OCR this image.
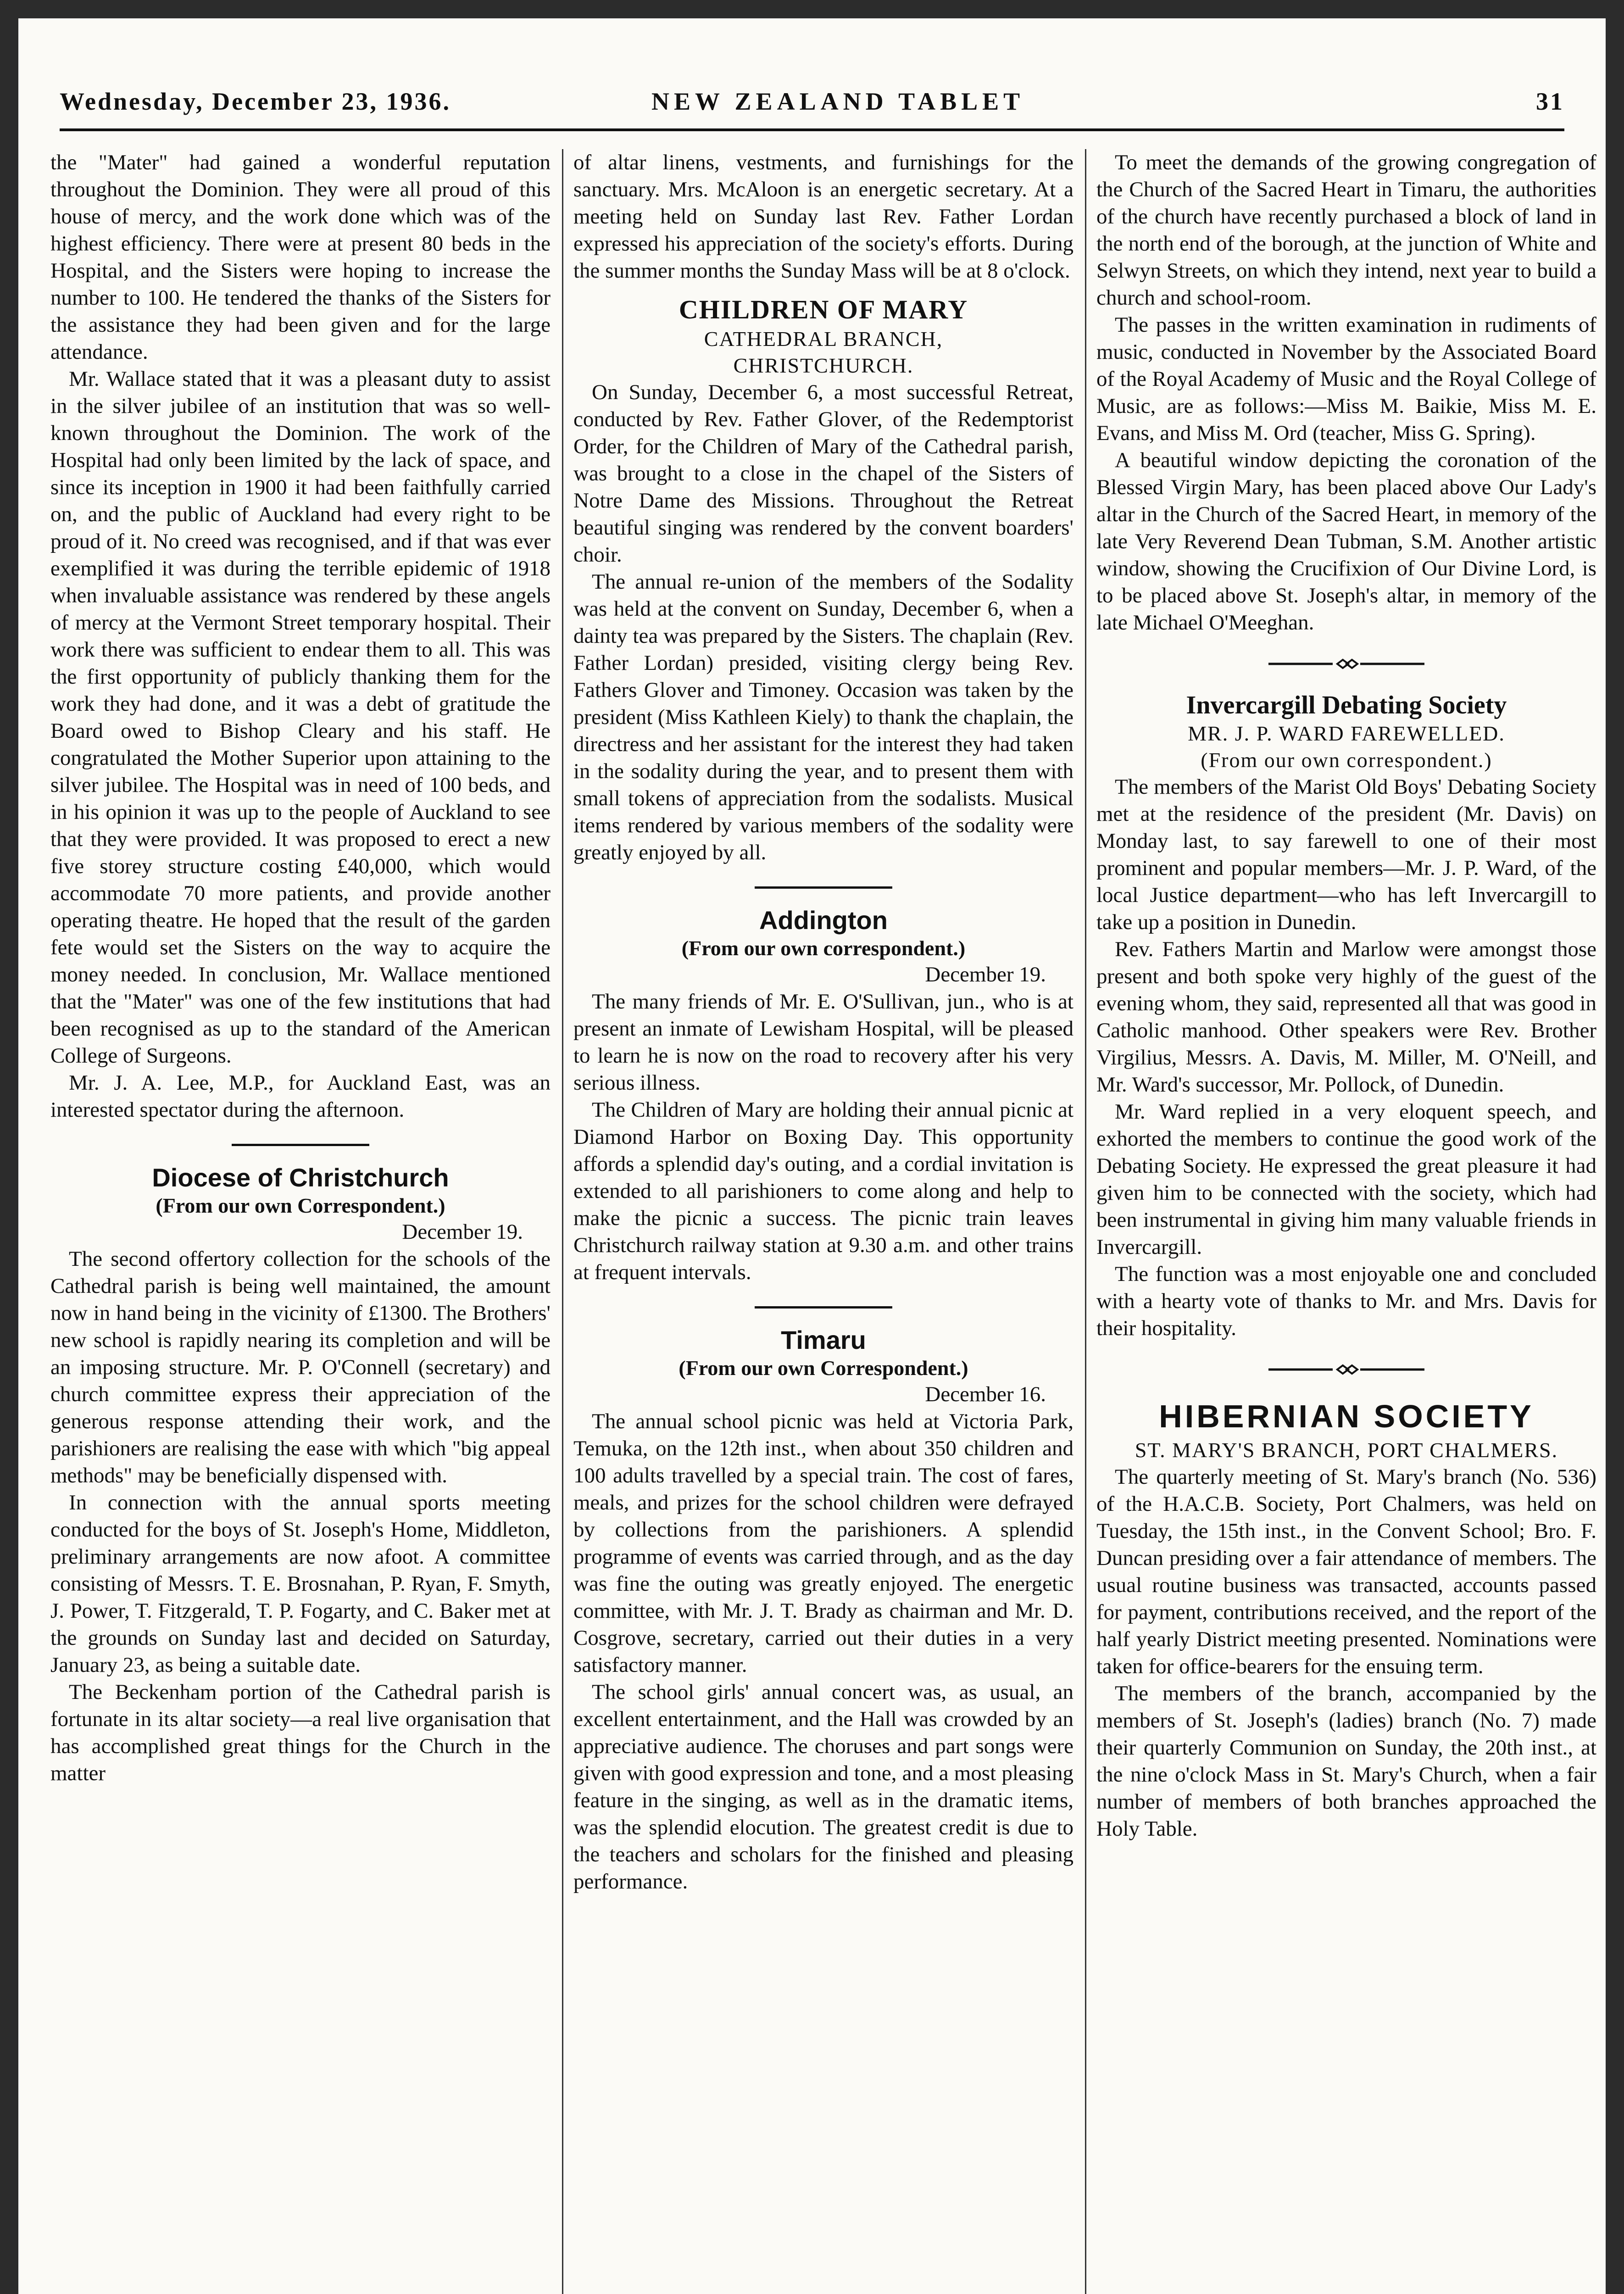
Wednesday, December 23, 1936.	NEW ZEALAND TABLET	31

the "Mater" had gained a wonderful reputation throughout the Dominion. They were all proud of this house of mercy, and the work done which was of the highest efficiency. There were at present 80 beds in the Hospital, and the Sisters were hoping to increase the number to 100. He tendered the thanks of the Sisters for the assistance they had been given and for the large attendance.

Mr. Wallace stated that it was a pleasant duty to assist in the silver jubilee of an institution that was so well-known throughout the Dominion. The work of the Hospital had only been limited by the lack of space, and since its inception in 1900 it had been faithfully carried on, and the public of Auckland had every right to be proud of it. No creed was recognised, and if that was ever exemplified it was during the terrible epidemic of 1918 when invaluable assistance was rendered by these angels of mercy at the Vermont Street temporary hospital. Their work there was sufficient to endear them to all. This was the first opportunity of publicly thanking them for the work they had done, and it was a debt of gratitude the Board owed to Bishop Cleary and his staff. He congratulated the Mother Superior upon attaining to the silver jubilee. The Hospital was in need of 100 beds, and in his opinion it was up to the people of Auckland to see that they were provided. It was proposed to erect a new five storey structure costing £40,000, which would accommodate 70 more patients, and provide another operating theatre. He hoped that the result of the garden fete would set the Sisters on the way to acquire the money needed. In conclusion, Mr. Wallace mentioned that the "Mater" was one of the few institutions that had been recognised as up to the standard of the American College of Surgeons.

Mr. J. A. Lee, M.P., for Auckland East, was an interested spectator during the afternoon.

Diocese of Christchurch
(From our own Correspondent.)
December 19.

The second offertory collection for the schools of the Cathedral parish is being well maintained, the amount now in hand being in the vicinity of £1300. The Brothers' new school is rapidly nearing its completion and will be an imposing structure. Mr. P. O'Connell (secretary) and church committee express their appreciation of the generous response attending their work, and the parishioners are realising the ease with which "big appeal methods" may be beneficially dispensed with.

In connection with the annual sports meeting conducted for the boys of St. Joseph's Home, Middleton, preliminary arrangements are now afoot. A committee consisting of Messrs. T. E. Brosnahan, P. Ryan, F. Smyth, J. Power, T. Fitzgerald, T. P. Fogarty, and C. Baker met at the grounds on Sunday last and decided on Saturday, January 23, as being a suitable date.

The Beckenham portion of the Cathedral parish is fortunate in its altar society—a real live organisation that has accomplished great things for the Church in the matter

of altar linens, vestments, and furnishings for the sanctuary. Mrs. McAloon is an energetic secretary. At a meeting held on Sunday last Rev. Father Lordan expressed his appreciation of the society's efforts. During the summer months the Sunday Mass will be at 8 o'clock.

CHILDREN OF MARY
CATHEDRAL BRANCH,
CHRISTCHURCH.

On Sunday, December 6, a most successful Retreat, conducted by Rev. Father Glover, of the Redemptorist Order, for the Children of Mary of the Cathedral parish, was brought to a close in the chapel of the Sisters of Notre Dame des Missions. Throughout the Retreat beautiful singing was rendered by the convent boarders' choir.

The annual re-union of the members of the Sodality was held at the convent on Sunday, December 6, when a dainty tea was prepared by the Sisters. The chaplain (Rev. Father Lordan) presided, visiting clergy being Rev. Fathers Glover and Timoney. Occasion was taken by the president (Miss Kathleen Kiely) to thank the chaplain, the directress and her assistant for the interest they had taken in the sodality during the year, and to present them with small tokens of appreciation from the sodalists. Musical items rendered by various members of the sodality were greatly enjoyed by all.

Addington
(From our own correspondent.)
December 19.

The many friends of Mr. E. O'Sullivan, jun., who is at present an inmate of Lewisham Hospital, will be pleased to learn he is now on the road to recovery after his very serious illness.

The Children of Mary are holding their annual picnic at Diamond Harbor on Boxing Day. This opportunity affords a splendid day's outing, and a cordial invitation is extended to all parishioners to come along and help to make the picnic a success. The picnic train leaves Christchurch railway station at 9.30 a.m. and other trains at frequent intervals.

Timaru
(From our own Correspondent.)
December 16.

The annual school picnic was held at Victoria Park, Temuka, on the 12th inst., when about 350 children and 100 adults travelled by a special train. The cost of fares, meals, and prizes for the school children were defrayed by collections from the parishioners. A splendid programme of events was carried through, and as the day was fine the outing was greatly enjoyed. The energetic committee, with Mr. J. T. Brady as chairman and Mr. D. Cosgrove, secretary, carried out their duties in a very satisfactory manner.

The school girls' annual concert was, as usual, an excellent entertainment, and the Hall was crowded by an appreciative audience. The choruses and part songs were given with good expression and tone, and a most pleasing feature in the singing, as well as in the dramatic items, was the splendid elocution. The greatest credit is due to the teachers and scholars for the finished and pleasing performance.

To meet the demands of the growing congregation of the Church of the Sacred Heart in Timaru, the authorities of the church have recently purchased a block of land in the north end of the borough, at the junction of White and Selwyn Streets, on which they intend, next year to build a church and school-room.

The passes in the written examination in rudiments of music, conducted in November by the Associated Board of the Royal Academy of Music and the Royal College of Music, are as follows:—Miss M. Baikie, Miss M. E. Evans, and Miss M. Ord (teacher, Miss G. Spring).

A beautiful window depicting the coronation of the Blessed Virgin Mary, has been placed above Our Lady's altar in the Church of the Sacred Heart, in memory of the late Very Reverend Dean Tubman, S.M. Another artistic window, showing the Crucifixion of Our Divine Lord, is to be placed above St. Joseph's altar, in memory of the late Michael O'Meeghan.

Invercargill Debating Society
MR. J. P. WARD FAREWELLED.
(From our own correspondent.)

The members of the Marist Old Boys' Debating Society met at the residence of the president (Mr. Davis) on Monday last, to say farewell to one of their most prominent and popular members—Mr. J. P. Ward, of the local Justice department—who has left Invercargill to take up a position in Dunedin.

Rev. Fathers Martin and Marlow were amongst those present and both spoke very highly of the guest of the evening whom, they said, represented all that was good in Catholic manhood. Other speakers were Rev. Brother Virgilius, Messrs. A. Davis, M. Miller, M. O'Neill, and Mr. Ward's successor, Mr. Pollock, of Dunedin.

Mr. Ward replied in a very eloquent speech, and exhorted the members to continue the good work of the Debating Society. He expressed the great pleasure it had given him to be connected with the society, which had been instrumental in giving him many valuable friends in Invercargill.

The function was a most enjoyable one and concluded with a hearty vote of thanks to Mr. and Mrs. Davis for their hospitality.

HIBERNIAN SOCIETY
ST. MARY'S BRANCH, PORT CHALMERS.

The quarterly meeting of St. Mary's branch (No. 536) of the H.A.C.B. Society, Port Chalmers, was held on Tuesday, the 15th inst., in the Convent School; Bro. F. Duncan presiding over a fair attendance of members. The usual routine business was transacted, accounts passed for payment, contributions received, and the report of the half yearly District meeting presented. Nominations were taken for office-bearers for the ensuing term.

The members of the branch, accompanied by the members of St. Joseph's (ladies) branch (No. 7) made their quarterly Communion on Sunday, the 20th inst., at the nine o'clock Mass in St. Mary's Church, when a fair number of members of both branches approached the Holy Table.
